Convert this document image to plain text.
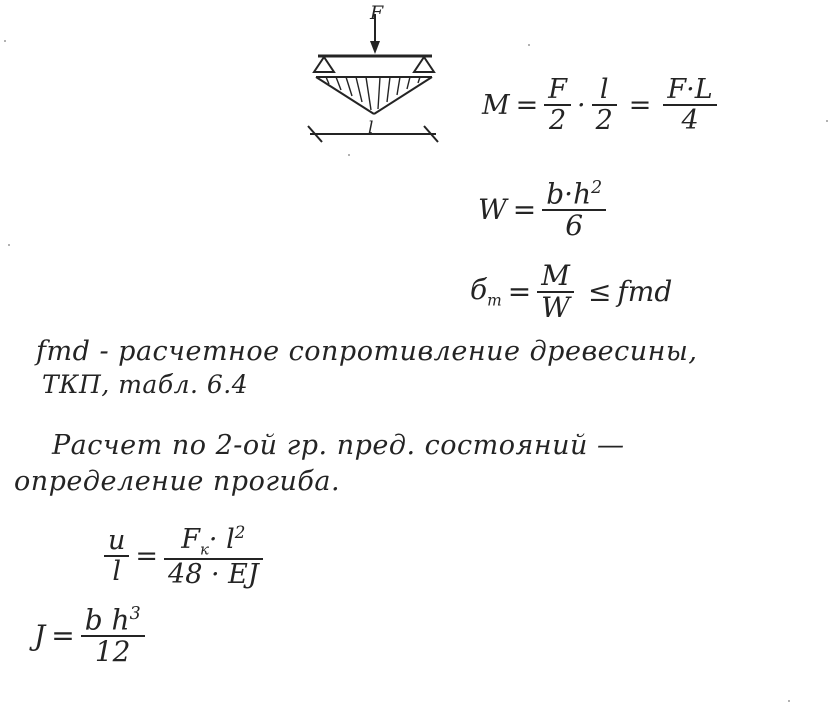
F
l
$M = \frac{F}{2} \cdot \frac{l}{2} = \frac{F\cdot L}{4}$
$W = \frac{b\cdot h^2}{6}$
$б_m = \frac{M}{W}$ ≤ fmd
fmd - расчетное сопротивление древесины,
ТКП, табл. 6.4
Расчет по 2-ой гр. пред. состояний —
определение прогиба.
$\frac{u}{l} = \frac{F_к\cdot l^2}{48 \cdot EJ}$
$J = \frac{b h^3}{12}$
